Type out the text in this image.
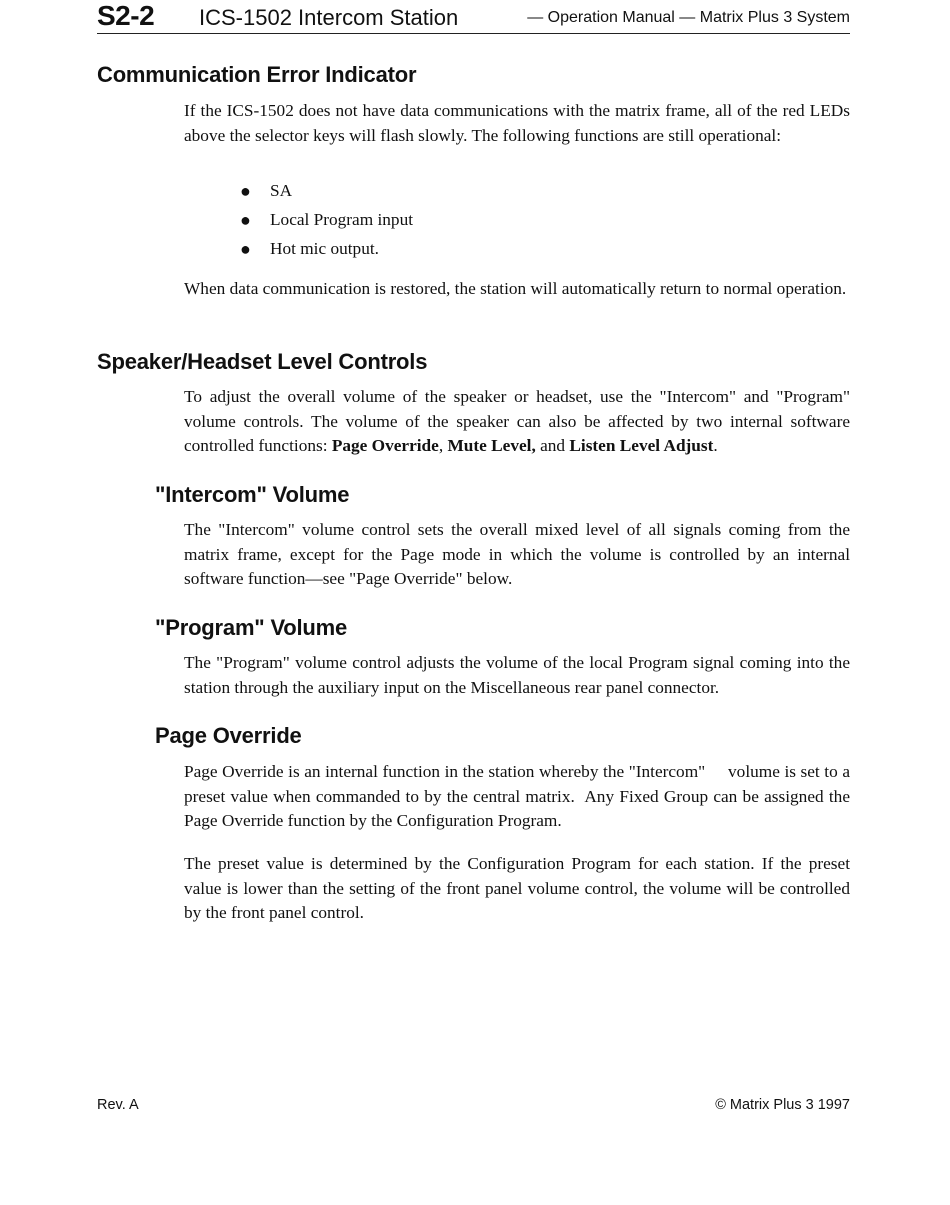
S2-2 ICS-1502 Intercom Station	— Operation Manual — Matrix Plus 3 System
Communication Error Indicator

If the ICS-1502 does not have data communications with the matrix frame, all of the red LEDs above the selector keys will flash slowly. The following functions are still operational:

● SA
● Local Program input
● Hot mic output.

When data communication is restored, the station will automatically return to normal operation.

Speaker/Headset Level Controls

To adjust the overall volume of the speaker or headset, use the "Intercom" and "Program" volume controls. The volume of the speaker can also be affected by two internal software controlled functions: Page Override, Mute Level, and Listen Level Adjust.

"Intercom" Volume

The "Intercom" volume control sets the overall mixed level of all signals coming from the matrix frame, except for the Page mode in which the volume is controlled by an internal software function—see "Page Override" below.

"Program" Volume

The "Program" volume control adjusts the volume of the local Program signal coming into the station through the auxiliary input on the Miscellaneous rear panel connector.

Page Override

Page Override is an internal function in the station whereby the "Intercom"     volume is set to a preset value when commanded to by the central matrix.  Any Fixed Group can be assigned the Page Override function by the Configuration Program.

The preset value is determined by the Configuration Program for each station. If the preset value is lower than the setting of the front panel volume control, the volume will be controlled by the front panel control.

Rev. A	© Matrix Plus 3 1997
